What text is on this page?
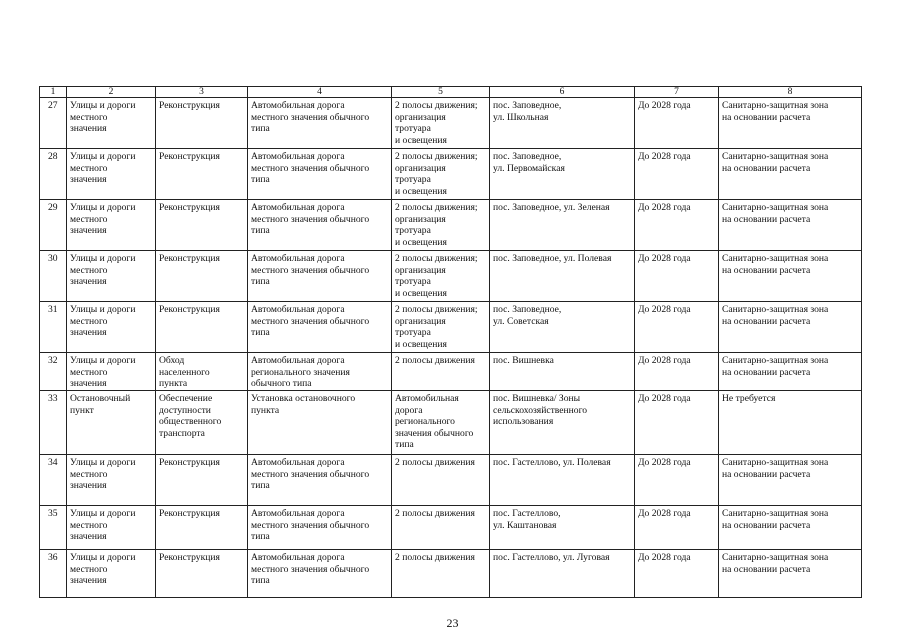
1	2	3	4	5	6	7	8
27	Улицы и дороги
местного
значения	Реконструкция	Автомобильная дорога
местного значения обычного
типа	2 полосы движения;
организация
тротуара
и освещения	пос. Заповедное,
ул. Школьная	До 2028 года	Санитарно-защитная зона
на основании расчета
28	Улицы и дороги
местного
значения	Реконструкция	Автомобильная дорога
местного значения обычного
типа	2 полосы движения;
организация
тротуара
и освещения	пос. Заповедное,
ул. Первомайская	До 2028 года	Санитарно-защитная зона
на основании расчета
29	Улицы и дороги
местного
значения	Реконструкция	Автомобильная дорога
местного значения обычного
типа	2 полосы движения;
организация
тротуара
и освещения	пос. Заповедное, ул. Зеленая	До 2028 года	Санитарно-защитная зона
на основании расчета
30	Улицы и дороги
местного
значения	Реконструкция	Автомобильная дорога
местного значения обычного
типа	2 полосы движения;
организация
тротуара
и освещения	пос. Заповедное, ул. Полевая	До 2028 года	Санитарно-защитная зона
на основании расчета
31	Улицы и дороги
местного
значения	Реконструкция	Автомобильная дорога
местного значения обычного
типа	2 полосы движения;
организация
тротуара
и освещения	пос. Заповедное,
ул. Советская	До 2028 года	Санитарно-защитная зона
на основании расчета
32	Улицы и дороги
местного
значения	Обход
населенного
пункта	Автомобильная дорога
регионального значения
обычного типа	2 полосы движения	пос. Вишневка	До 2028 года	Санитарно-защитная зона
на основании расчета
33	Остановочный
пункт	Обеспечение
доступности
общественного
транспорта	Установка остановочного
пункта	Автомобильная
дорога
регионального
значения обычного
типа	пос. Вишневка/ Зоны
сельскохозяйственного
использования	До 2028 года	Не требуется
34	Улицы и дороги
местного
значения	Реконструкция	Автомобильная дорога
местного значения обычного
типа	2 полосы движения	пос. Гастеллово, ул. Полевая	До 2028 года	Санитарно-защитная зона
на основании расчета
35	Улицы и дороги
местного
значения	Реконструкция	Автомобильная дорога
местного значения обычного
типа	2 полосы движения	пос. Гастеллово,
ул. Каштановая	До 2028 года	Санитарно-защитная зона
на основании расчета
36	Улицы и дороги
местного
значения	Реконструкция	Автомобильная дорога
местного значения обычного
типа	2 полосы движения	пос. Гастеллово, ул. Луговая	До 2028 года	Санитарно-защитная зона
на основании расчета
23
